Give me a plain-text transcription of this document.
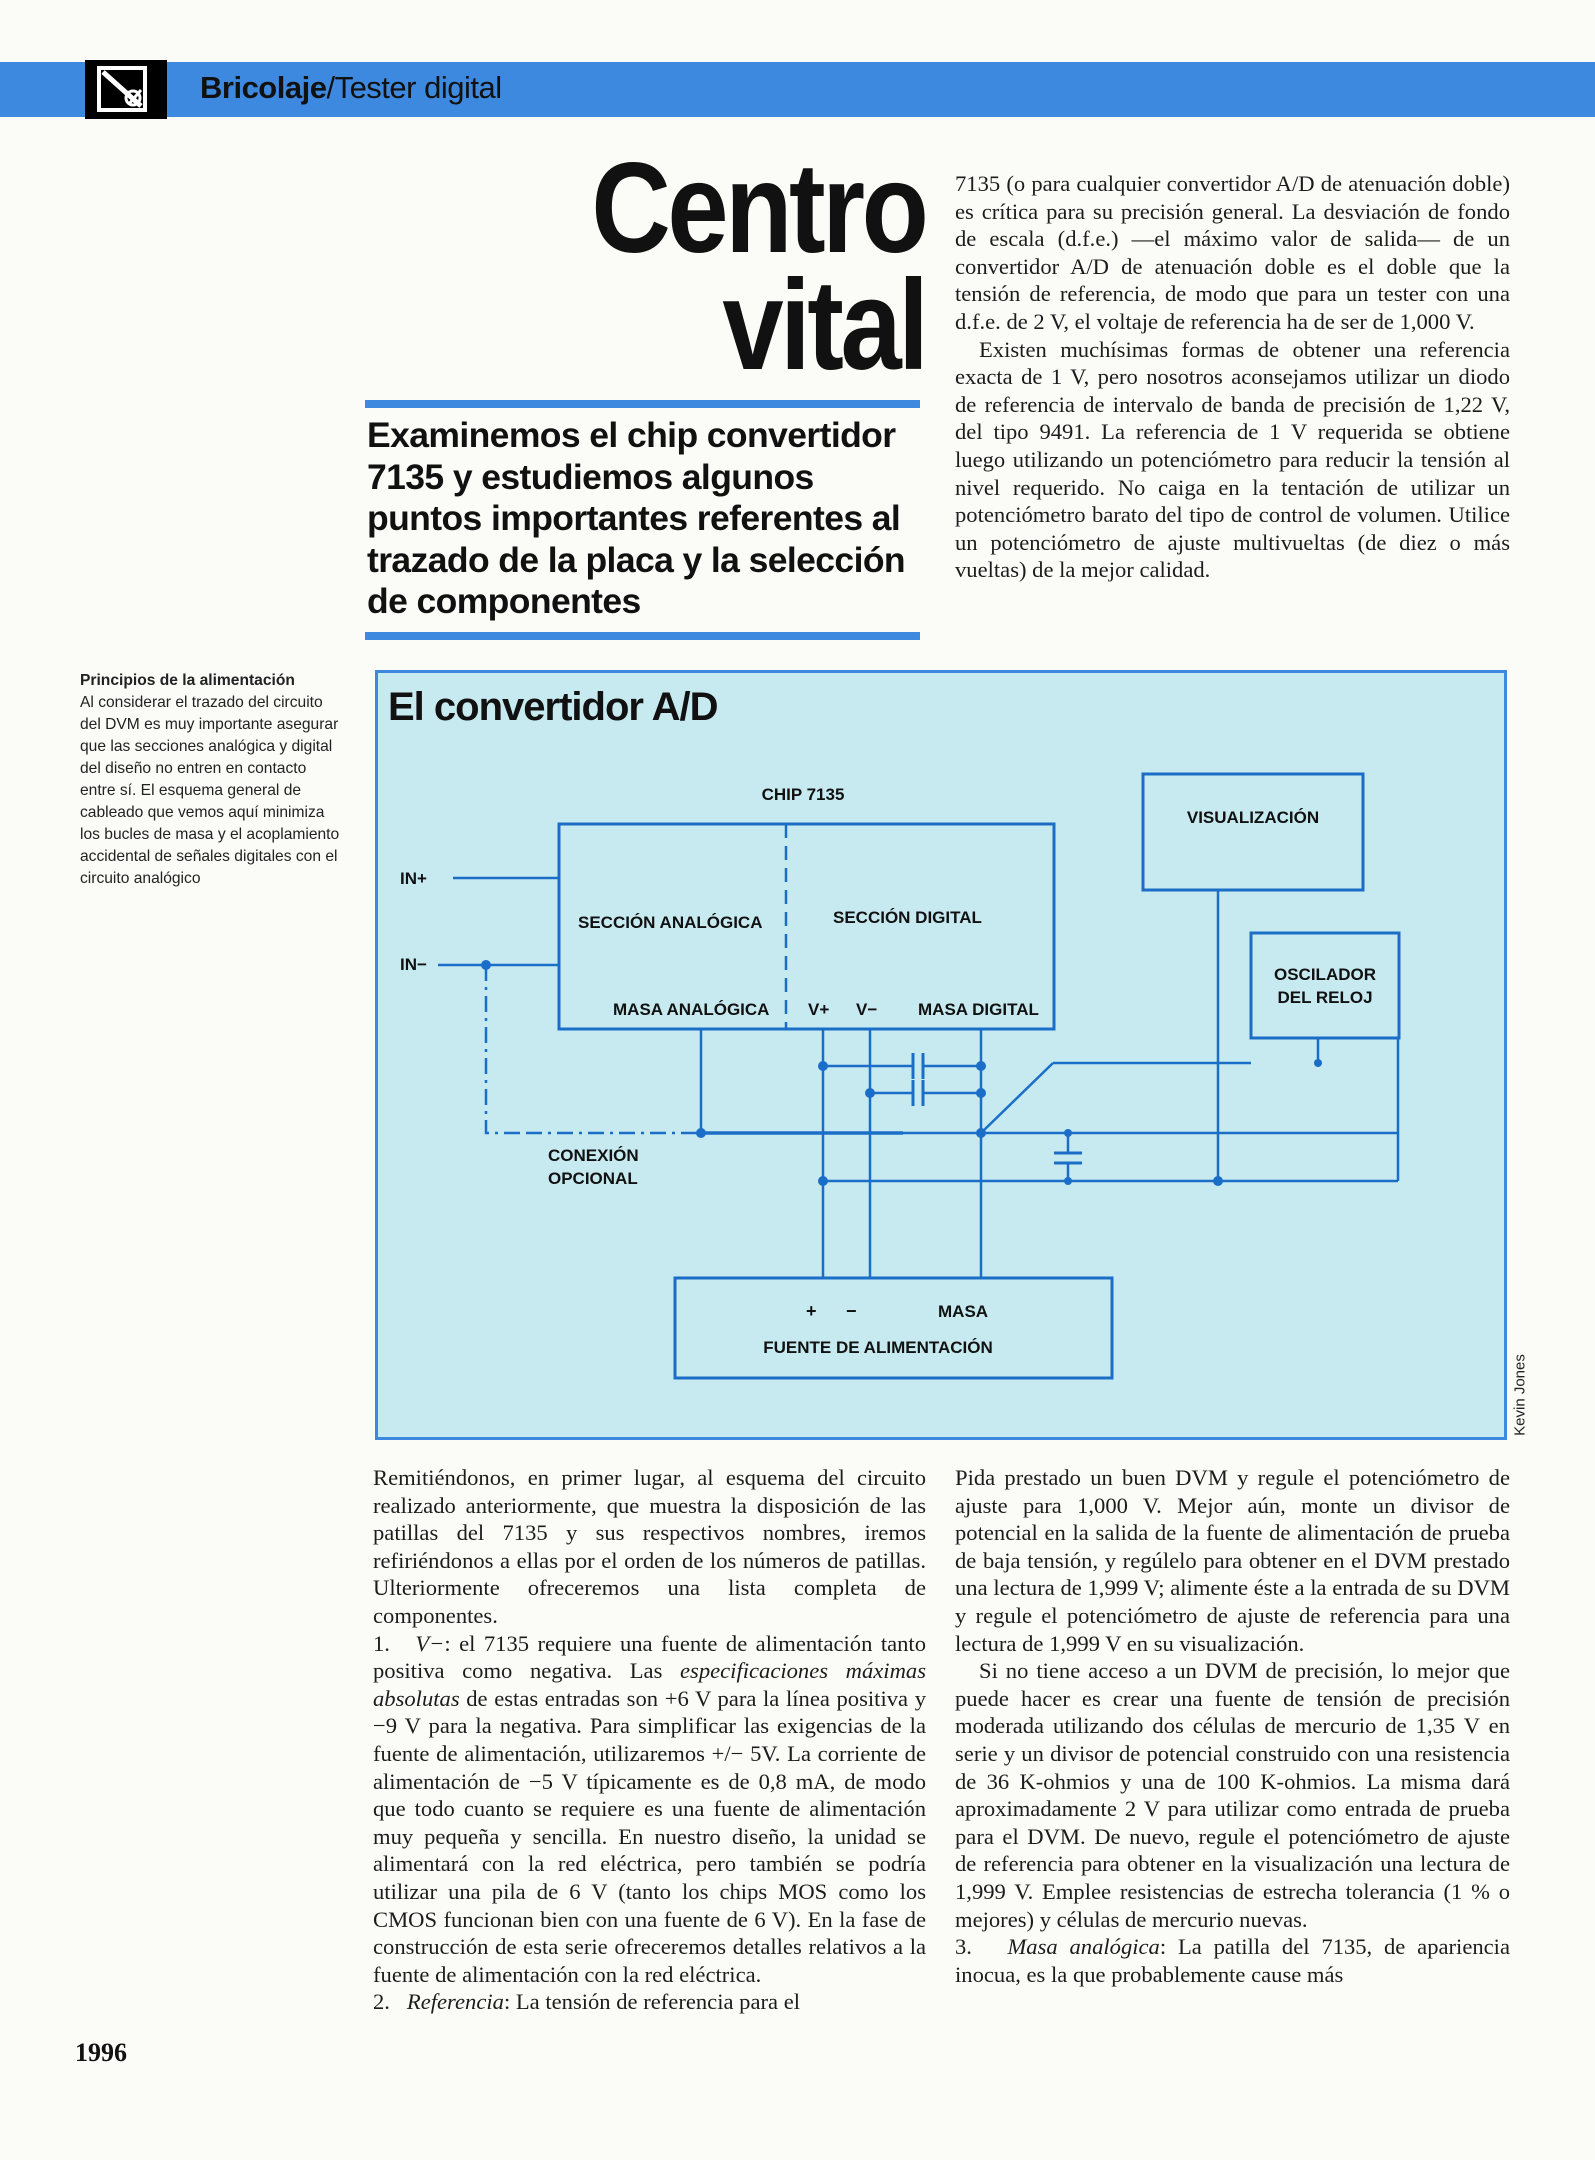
Bricolaje/Tester digital
Centro
vital
Examinemos el chip convertidor 7135 y estudiemos algunos puntos importantes referentes al trazado de la placa y la selección de componentes

7135 (o para cualquier convertidor A/D de atenuación doble) es crítica para su precisión general. La desviación de fondo de escala (d.f.e.) —el máximo valor de salida— de un convertidor A/D de atenuación doble es el doble que la tensión de referencia, de modo que para un tester con una d.f.e. de 2 V, el voltaje de referencia ha de ser de 1,000 V.

Existen muchísimas formas de obtener una referencia exacta de 1 V, pero nosotros aconsejamos utilizar un diodo de referencia de intervalo de banda de precisión de 1,22 V, del tipo 9491. La referencia de 1 V requerida se obtiene luego utilizando un potenciómetro para reducir la tensión al nivel requerido. No caiga en la tentación de utilizar un potenciómetro barato del tipo de control de volumen. Utilice un potenciómetro de ajuste multivueltas (de diez o más vueltas) de la mejor calidad.

Principios de la alimentación
Al considerar el trazado del circuito del DVM es muy importante asegurar que las secciones analógica y digital del diseño no entren en contacto entre sí. El esquema general de cableado que vemos aquí minimiza los bucles de masa y el acoplamiento accidental de señales digitales con el circuito analógico
El convertidor A/D
CHIP 7135
SECCIÓN ANALÓGICA	SECCIÓN DIGITAL
MASA ANALÓGICA V+ V− MASA DIGITAL
VISUALIZACIÓN
OSCILADOR
DEL RELOJ
IN+
IN−
CONEXIÓN
OPCIONAL
+ −	MASA
FUENTE DE ALIMENTACIÓN
Kevin Jones

Remitiéndonos, en primer lugar, al esquema del circuito realizado anteriormente, que muestra la disposición de las patillas del 7135 y sus respectivos nombres, iremos refiriéndonos a ellas por el orden de los números de patillas. Ulteriormente ofreceremos una lista completa de componentes.

1. V−: el 7135 requiere una fuente de alimentación tanto positiva como negativa. Las especificaciones máximas absolutas de estas entradas son +6 V para la línea positiva y −9 V para la negativa. Para simplificar las exigencias de la fuente de alimentación, utilizaremos +/− 5V. La corriente de alimentación de −5 V típicamente es de 0,8 mA, de modo que todo cuanto se requiere es una fuente de alimentación muy pequeña y sencilla. En nuestro diseño, la unidad se alimentará con la red eléctrica, pero también se podría utilizar una pila de 6 V (tanto los chips MOS como los CMOS funcionan bien con una fuente de 6 V). En la fase de construcción de esta serie ofreceremos detalles relativos a la fuente de alimentación con la red eléctrica.

2. Referencia: La tensión de referencia para el

Pida prestado un buen DVM y regule el potenciómetro de ajuste para 1,000 V. Mejor aún, monte un divisor de potencial en la salida de la fuente de alimentación de prueba de baja tensión, y regúlelo para obtener en el DVM prestado una lectura de 1,999 V; alimente éste a la entrada de su DVM y regule el potenciómetro de ajuste de referencia para una lectura de 1,999 V en su visualización.

Si no tiene acceso a un DVM de precisión, lo mejor que puede hacer es crear una fuente de tensión de precisión moderada utilizando dos células de mercurio de 1,35 V en serie y un divisor de potencial construido con una resistencia de 36 K-ohmios y una de 100 K-ohmios. La misma dará aproximadamente 2 V para utilizar como entrada de prueba para el DVM. De nuevo, regule el potenciómetro de ajuste de referencia para obtener en la visualización una lectura de 1,999 V. Emplee resistencias de estrecha tolerancia (1 % o mejores) y células de mercurio nuevas.

3. Masa analógica: La patilla del 7135, de apariencia inocua, es la que probablemente cause más

1996
